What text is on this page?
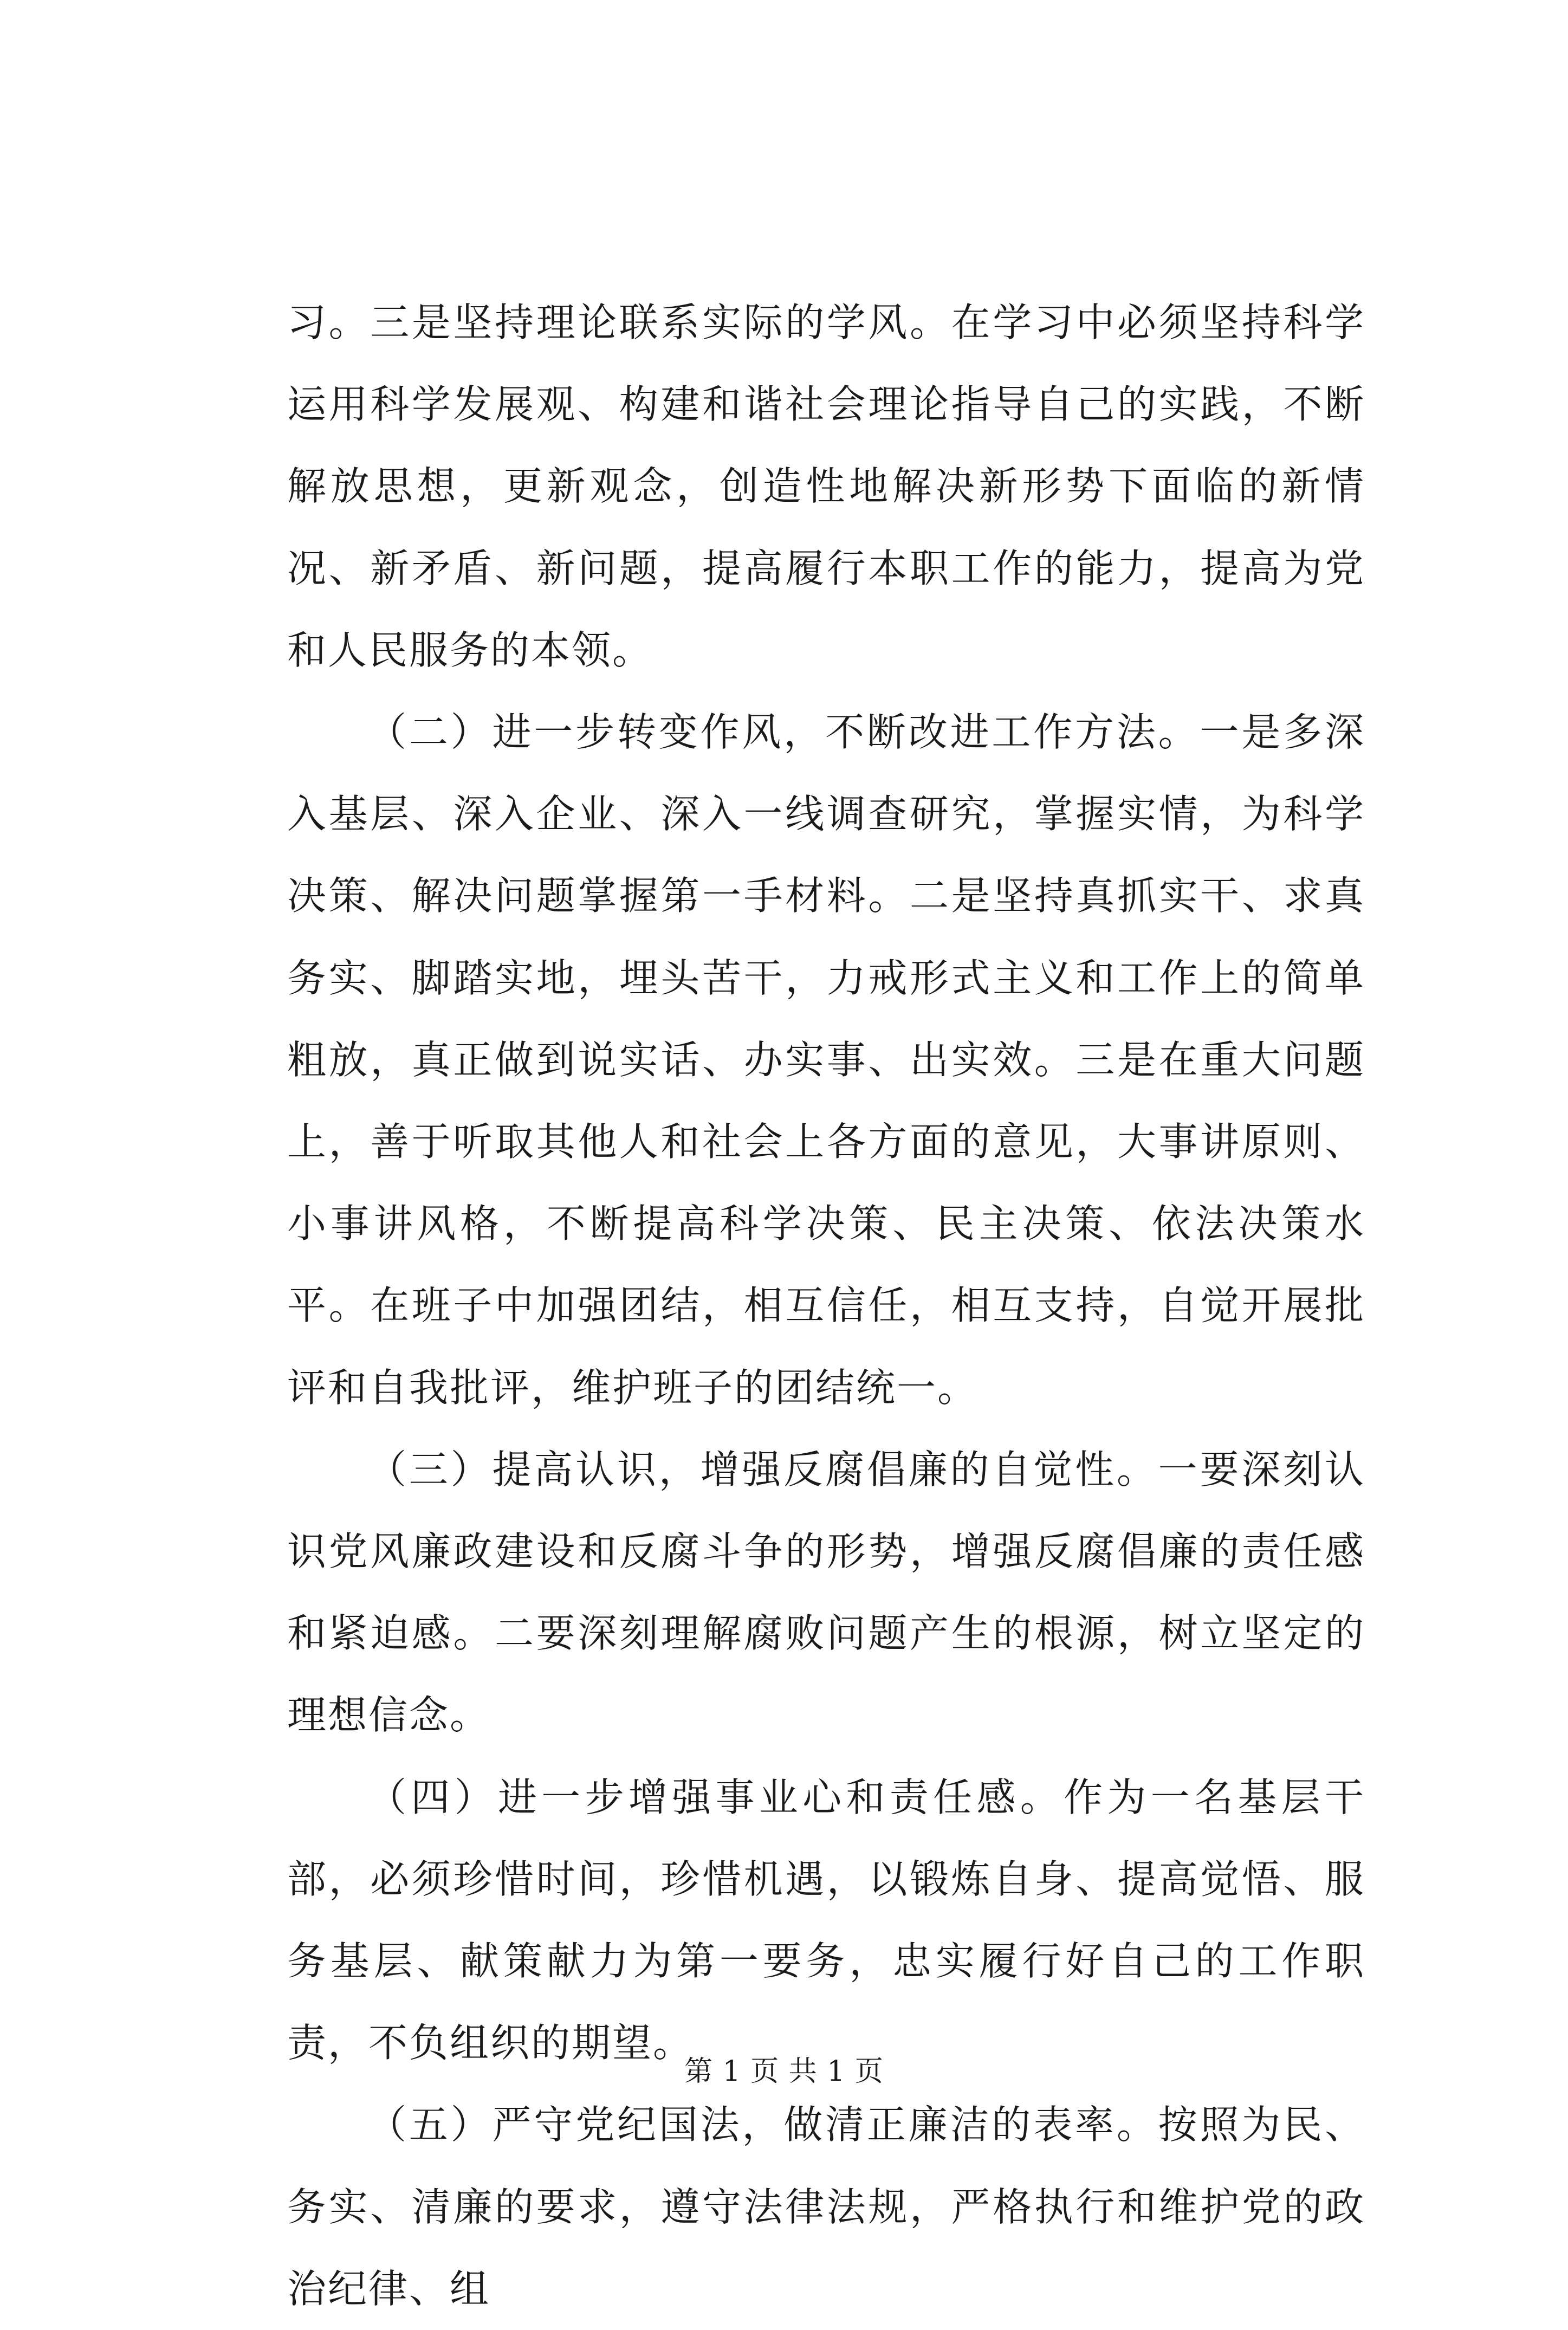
习。三是坚持理论联系实际的学风。在学习中必须坚持科学运用科学发展观、构建和谐社会理论指导自己的实践，不断解放思想，更新观念，创造性地解决新形势下面临的新情况、新矛盾、新问题，提高履行本职工作的能力，提高为党和人民服务的本领。

（二）进一步转变作风，不断改进工作方法。一是多深入基层、深入企业、深入一线调查研究，掌握实情，为科学决策、解决问题掌握第一手材料。二是坚持真抓实干、求真务实、脚踏实地，埋头苦干，力戒形式主义和工作上的简单粗放，真正做到说实话、办实事、出实效。三是在重大问题上，善于听取其他人和社会上各方面的意见，大事讲原则、小事讲风格，不断提高科学决策、民主决策、依法决策水平。在班子中加强团结，相互信任，相互支持，自觉开展批评和自我批评，维护班子的团结统一。

（三）提高认识，增强反腐倡廉的自觉性。一要深刻认识党风廉政建设和反腐斗争的形势，增强反腐倡廉的责任感和紧迫感。二要深刻理解腐败问题产生的根源，树立坚定的理想信念。

（四）进一步增强事业心和责任感。作为一名基层干部，必须珍惜时间，珍惜机遇，以锻炼自身、提高觉悟、服务基层、献策献力为第一要务，忠实履行好自己的工作职责，不负组织的期望。

（五）严守党纪国法，做清正廉洁的表率。按照为民、务实、清廉的要求，遵守法律法规，严格执行和维护党的政治纪律、组

第 1 页 共 1 页
